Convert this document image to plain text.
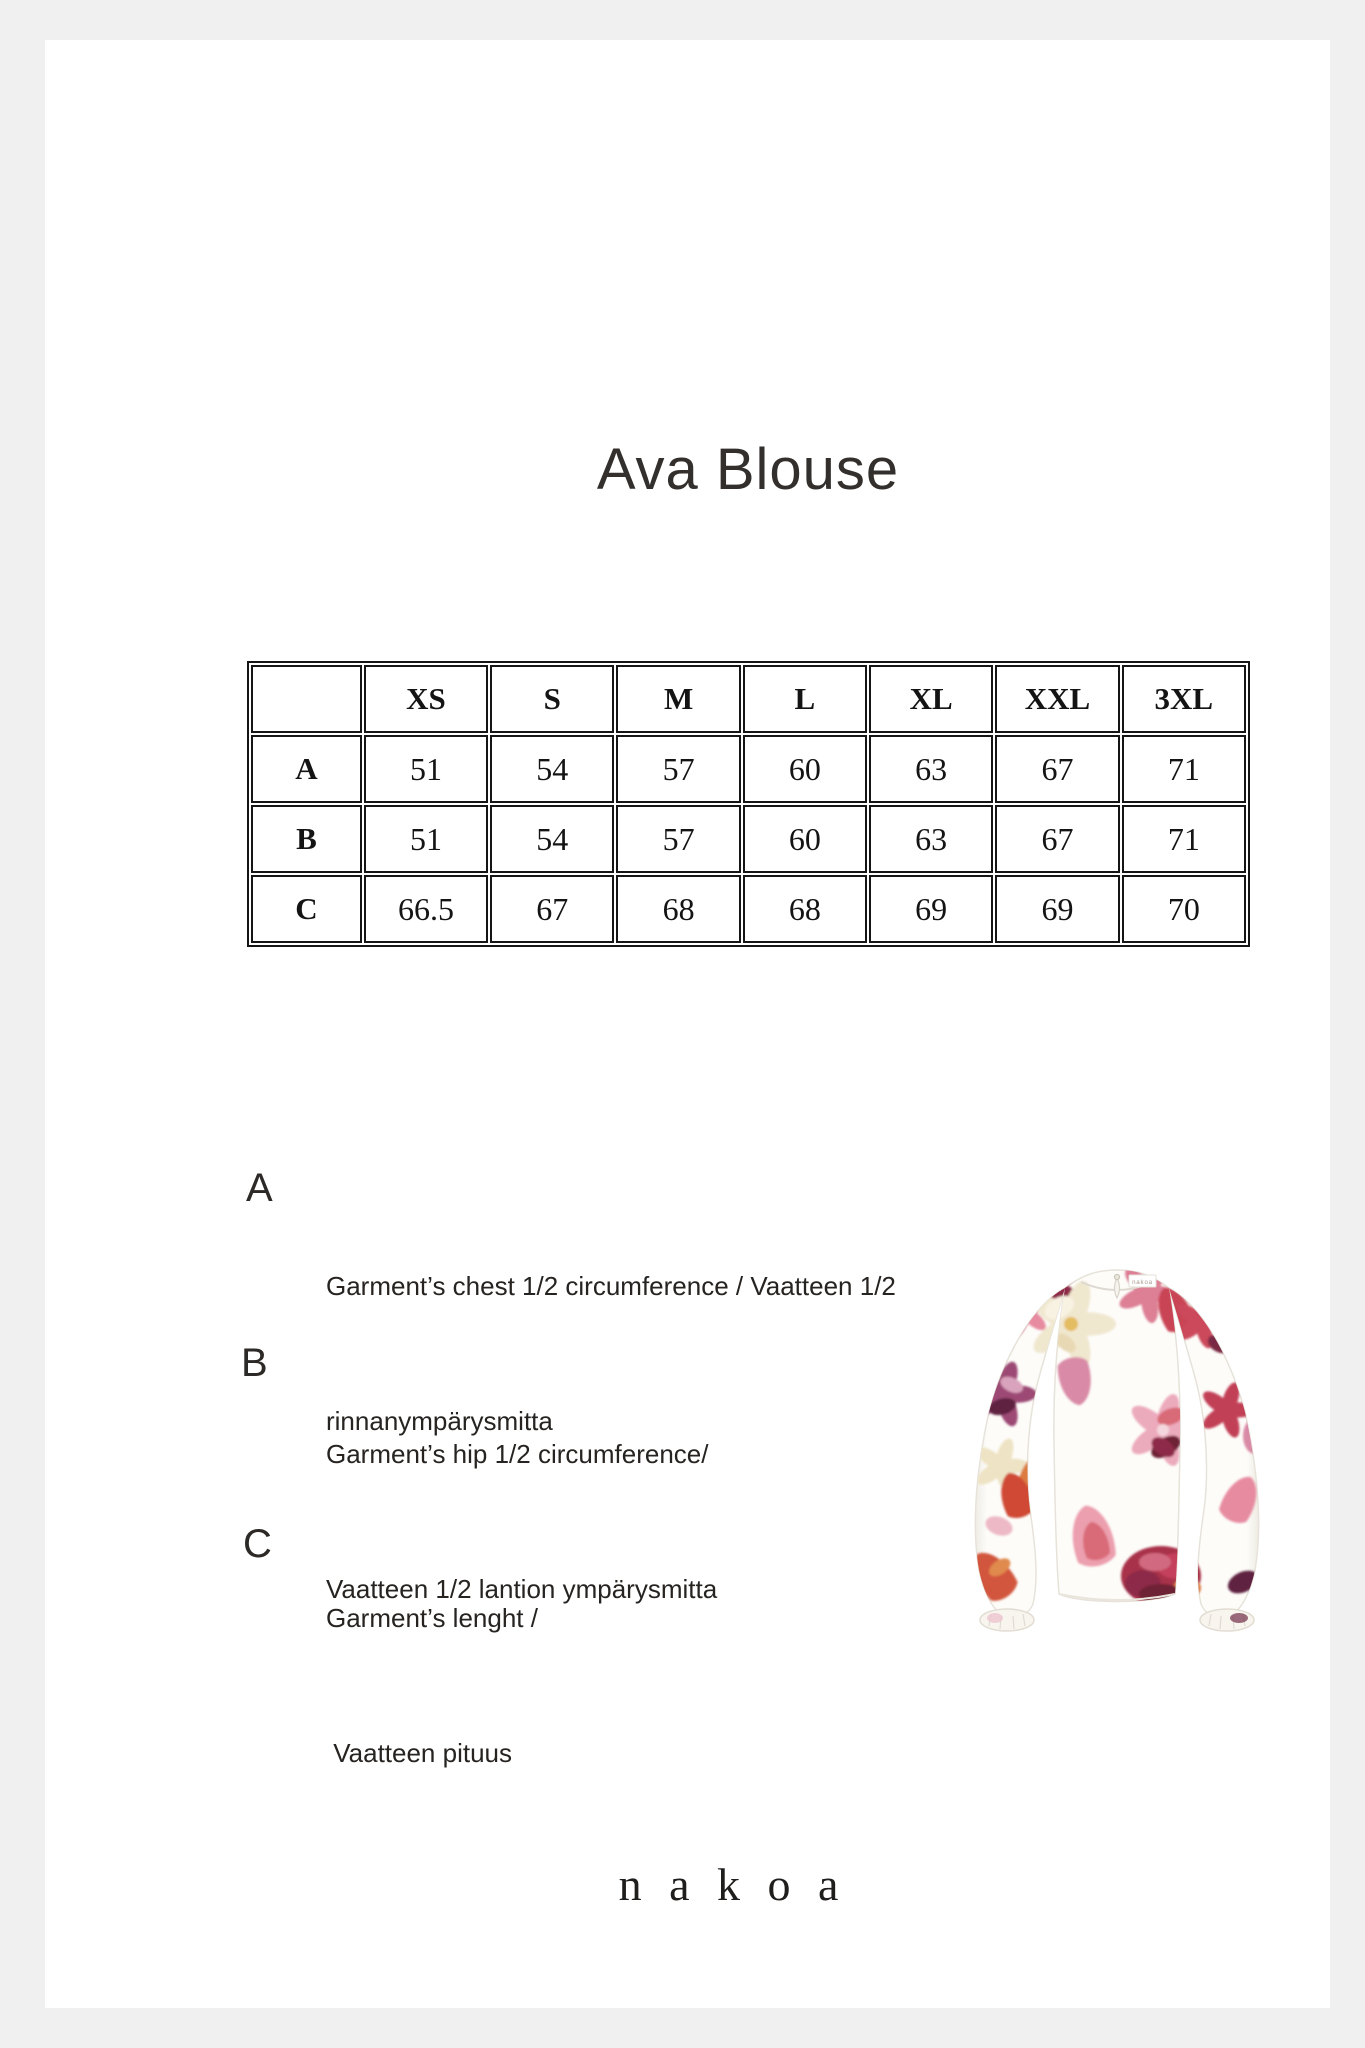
Ava Blouse
	XS	S	M	L	XL	XXL	3XL
A	51	54	57	60	63	67	71
B	51	54	57	60	63	67	71
C	66.5	67	68	68	69	69	70
A

Garment’s chest 1/2 circumference / Vaatteen 1/2

rinnanympärysmitta

B

Garment’s hip 1/2 circumference/

Vaatteen 1/2 lantion ympärysmitta

C

Garment’s lenght /

Vaatteen pituus

nakoa
n a k o a
